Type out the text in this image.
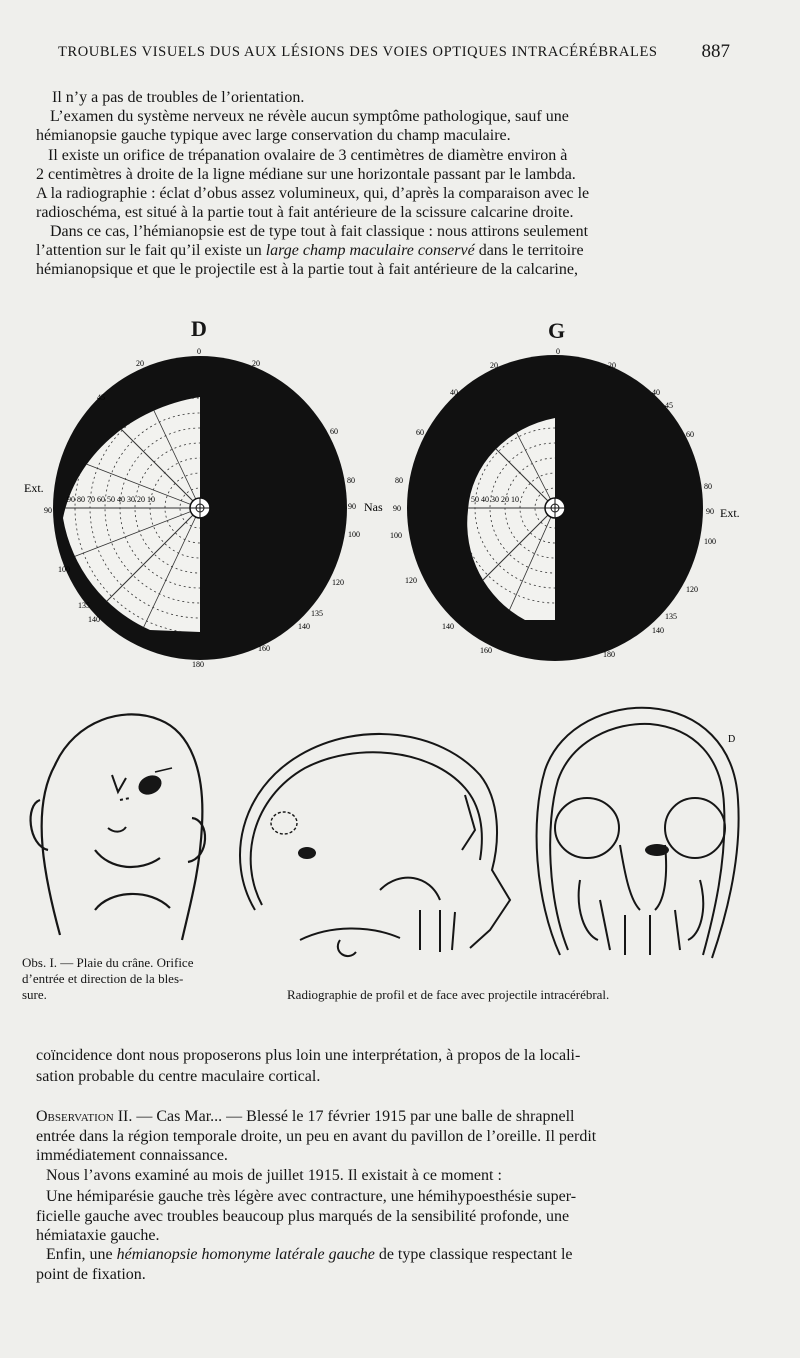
TROUBLES VISUELS DUS AUX LÉSIONS DES VOIES OPTIQUES INTRACÉRÉBRALES 887
Il n’y a pas de troubles de l’orientation.
L’examen du système nerveux ne révèle aucun symptôme pathologique, sauf une
hémianopsie gauche typique avec large conservation du champ maculaire.
Il existe un orifice de trépanation ovalaire de 3 centimètres de diamètre environ à
2 centimètres à droite de la ligne médiane sur une horizontale passant par le lambda.
A la radiographie : éclat d’obus assez volumineux, qui, d’après la comparaison avec le
radioschéma, est situé à la partie tout à fait antérieure de la scissure calcarine droite.
Dans ce cas, l’hémianopsie est de type tout à fait classique : nous attirons seulement
l’attention sur le fait qu’il existe un large champ maculaire conservé dans le territoire
hémianopsique et que le projectile est à la partie tout à fait antérieure de la calcarine,
D	G
90 80 70 60 50 40 30 20 10
0
20	20
45
60
80
90
90
100
100
120
135
135
140
140
160
180
Ext.
Nas
50 40 30 20 10
0
20	20
40	40
45
60	60
80
80
90	90
100
100
120
120
140
135
140
160	180
Ext.
D
Obs. I. — Plaie du crâne. Orifice
d’entrée et direction de la bles-
sure.	Radiographie de profil et de face avec projectile intracérébral.
coïncidence dont nous proposerons plus loin une interprétation, à propos de la locali-
sation probable du centre maculaire cortical.
Observation II. — Cas Mar... — Blessé le 17 février 1915 par une balle de shrapnell
entrée dans la région temporale droite, un peu en avant du pavillon de l’oreille. Il perdit
immédiatement connaissance.
Nous l’avons examiné au mois de juillet 1915. Il existait à ce moment :
Une hémiparésie gauche très légère avec contracture, une hémihypoesthésie super-
ficielle gauche avec troubles beaucoup plus marqués de la sensibilité profonde, une
hémiataxie gauche.
Enfin, une hémianopsie homonyme latérale gauche de type classique respectant le
point de fixation.
